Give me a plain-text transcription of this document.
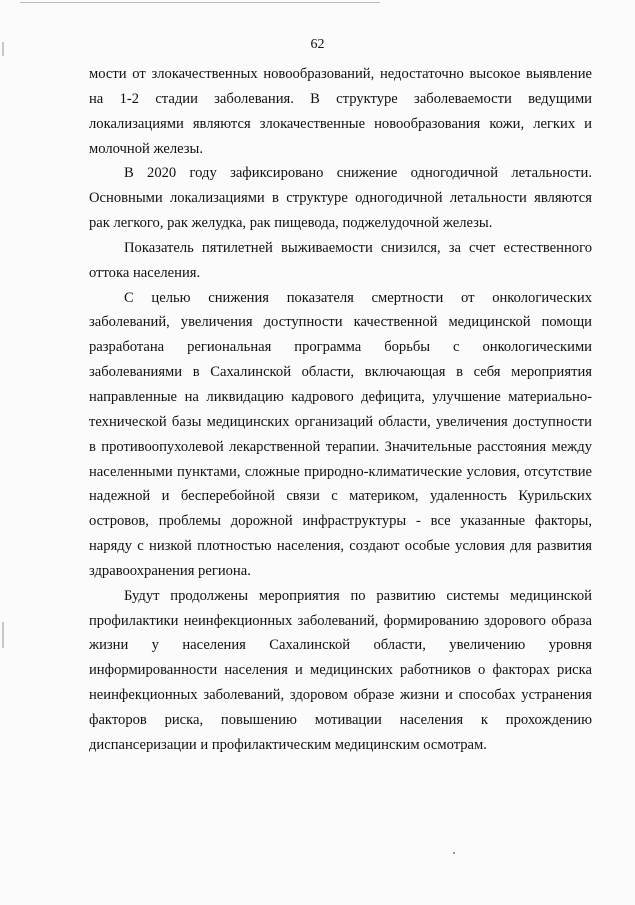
62

мости от злокачественных новообразований, недостаточно высокое выявление на 1-2 стадии заболевания. В структуре заболеваемости ведущими локализациями являются злокачественные новообразования кожи, легких и молочной железы.

В 2020 году зафиксировано снижение одногодичной летальности. Основными локализациями в структуре одногодичной летальности являются рак легкого, рак желудка, рак пищевода, поджелудочной железы.

Показатель пятилетней выживаемости снизился, за счет естественного оттока населения.

С целью снижения показателя смертности от онкологических заболеваний, увеличения доступности качественной медицинской помощи разработана региональная программа борьбы с онкологическими заболеваниями в Сахалинской области, включающая в себя мероприятия направленные на ликвидацию кадрового дефицита, улучшение материально-технической базы медицинских организаций области, увеличения доступности в противоопухолевой лекарственной терапии. Значительные расстояния между населенными пунктами, сложные природно-климатические условия, отсутствие надежной и бесперебойной связи с материком, удаленность Курильских островов, проблемы дорожной инфраструктуры - все указанные факторы, наряду с низкой плотностью населения, создают особые условия для развития здравоохранения региона.

Будут продолжены мероприятия по развитию системы медицинской профилактики неинфекционных заболеваний, формированию здорового образа жизни у населения Сахалинской области, увеличению уровня информированности населения и медицинских работников о факторах риска неинфекционных заболеваний, здоровом образе жизни и способах устранения факторов риска, повышению мотивации населения к прохождению диспансеризации и профилактическим медицинским осмотрам.
